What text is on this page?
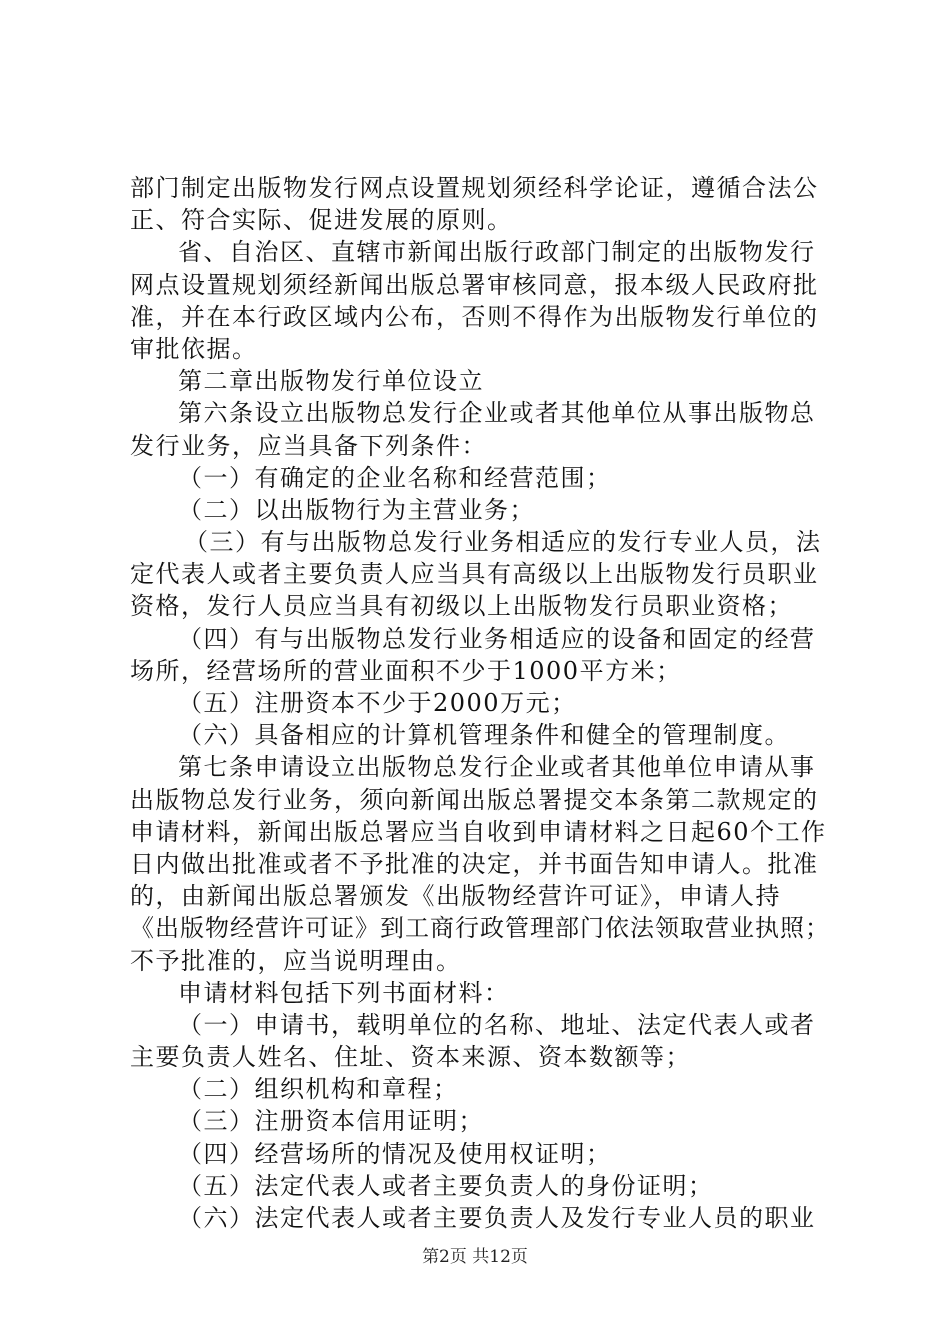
部门制定出版物发行网点设置规划须经科学论证，遵循合法公
正、符合实际、促进发展的原则。
省、自治区、直辖市新闻出版行政部门制定的出版物发行
网点设置规划须经新闻出版总署审核同意，报本级人民政府批
准，并在本行政区域内公布，否则不得作为出版物发行单位的
审批依据。
第二章出版物发行单位设立
第六条设立出版物总发行企业或者其他单位从事出版物总
发行业务，应当具备下列条件：
（一）有确定的企业名称和经营范围；
（二）以出版物行为主营业务；
（三）有与出版物总发行业务相适应的发行专业人员，法
定代表人或者主要负责人应当具有高级以上出版物发行员职业
资格，发行人员应当具有初级以上出版物发行员职业资格；
（四）有与出版物总发行业务相适应的设备和固定的经营
场所，经营场所的营业面积不少于1000平方米；
（五）注册资本不少于2000万元；
（六）具备相应的计算机管理条件和健全的管理制度。
第七条申请设立出版物总发行企业或者其他单位申请从事
出版物总发行业务，须向新闻出版总署提交本条第二款规定的
申请材料，新闻出版总署应当自收到申请材料之日起60个工作
日内做出批准或者不予批准的决定，并书面告知申请人。批准
的，由新闻出版总署颁发《出版物经营许可证》，申请人持
《出版物经营许可证》到工商行政管理部门依法领取营业执照；
不予批准的，应当说明理由。
申请材料包括下列书面材料：
（一）申请书，载明单位的名称、地址、法定代表人或者
主要负责人姓名、住址、资本来源、资本数额等；
（二）组织机构和章程；
（三）注册资本信用证明；
（四）经营场所的情况及使用权证明；
（五）法定代表人或者主要负责人的身份证明；
（六）法定代表人或者主要负责人及发行专业人员的职业
第2页 共12页
